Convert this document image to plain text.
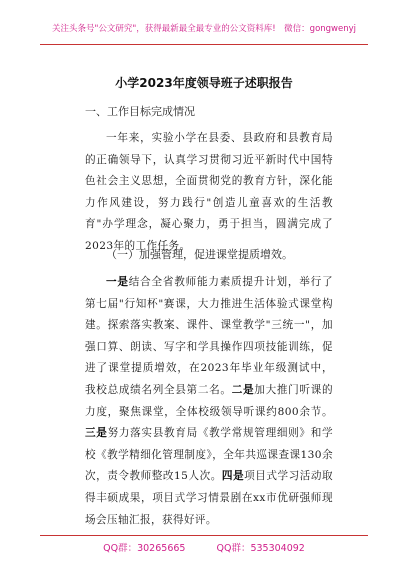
关注头条号"公文研究"，获得最新最全最专业的公文资料库!　微信：gongwenyj
小学2023年度领导班子述职报告
一、工作目标完成情况

一年来，实验小学在县委、县政府和县教育局的正确领导下，认真学习贯彻习近平新时代中国特色社会主义思想，全面贯彻党的教育方针，深化能力作风建设，努力践行"创造儿童喜欢的生活教育"办学理念，凝心聚力，勇于担当，圆满完成了2023年的工作任务。

（一）加强管理，促进课堂提质增效。

一是结合全省教师能力素质提升计划，举行了第七届"行知杯"赛课，大力推进生活体验式课堂构建。探索落实教案、课件、课堂教学"三统一"，加强口算、朗读、写字和学具操作四项技能训练，促进了课堂提质增效，在2023年毕业年级测试中，我校总成绩名列全县第二名。二是加大推门听课的力度，聚焦课堂，全体校级领导听课约800余节。三是努力落实县教育局《教学常规管理细则》和学校《教学精细化管理制度》，全年共巡课查课130余次，责令教师整改15人次。四是项目式学习活动取得丰硕成果，项目式学习情景剧在xx市优研强师现场会压轴汇报，获得好评。

QQ群：30265665	QQ群：535304092
